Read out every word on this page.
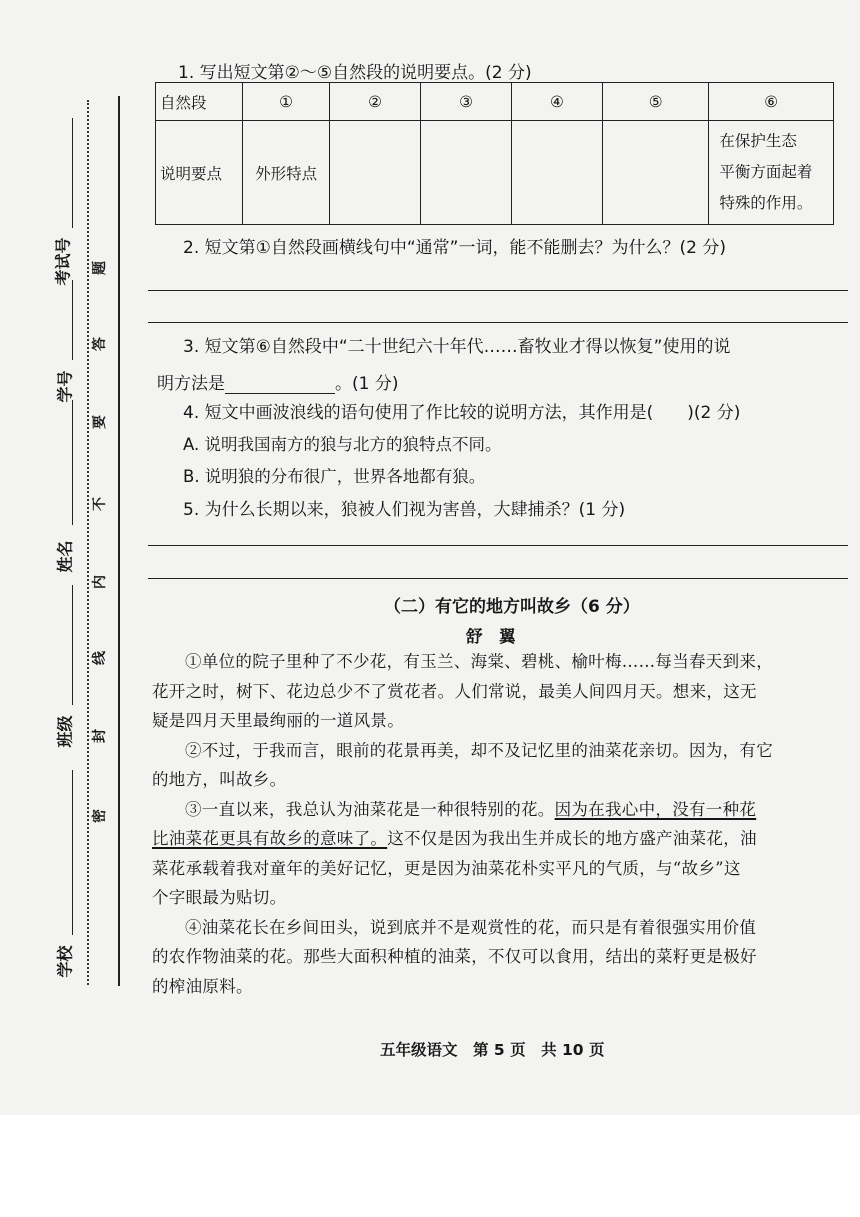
考试号
学号
姓名
班级
学校
题
答
要
不
内
线
封
密
1. 写出短文第②～⑤自然段的说明要点。(2 分)
自然段	①	②	③	④	⑤	⑥
说明要点	外形特点					在保护生态
平衡方面起着
特殊的作用。
2. 短文第①自然段画横线句中“通常”一词，能不能删去？为什么？(2 分)
3. 短文第⑥自然段中“二十世纪六十年代……畜牧业才得以恢复”使用的说
明方法是	。(1 分)
4. 短文中画波浪线的语句使用了作比较的说明方法，其作用是(　　)(2 分)
A. 说明我国南方的狼与北方的狼特点不同。
B. 说明狼的分布很广，世界各地都有狼。
5. 为什么长期以来，狼被人们视为害兽，大肆捕杀？(1 分)
（二）有它的地方叫故乡（6 分）
舒　翼
①单位的院子里种了不少花，有玉兰、海棠、碧桃、榆叶梅……每当春天到来，
花开之时，树下、花边总少不了赏花者。人们常说，最美人间四月天。想来，这无
疑是四月天里最绚丽的一道风景。
②不过，于我而言，眼前的花景再美，却不及记忆里的油菜花亲切。因为，有它
的地方，叫故乡。
③一直以来，我总认为油菜花是一种很特别的花。因为在我心中，没有一种花
比油菜花更具有故乡的意味了。这不仅是因为我出生并成长的地方盛产油菜花，油
菜花承载着我对童年的美好记忆，更是因为油菜花朴实平凡的气质，与“故乡”这
个字眼最为贴切。
④油菜花长在乡间田头，说到底并不是观赏性的花，而只是有着很强实用价值
的农作物油菜的花。那些大面积种植的油菜，不仅可以食用，结出的菜籽更是极好
的榨油原料。
五年级语文　第 5 页　共 10 页
